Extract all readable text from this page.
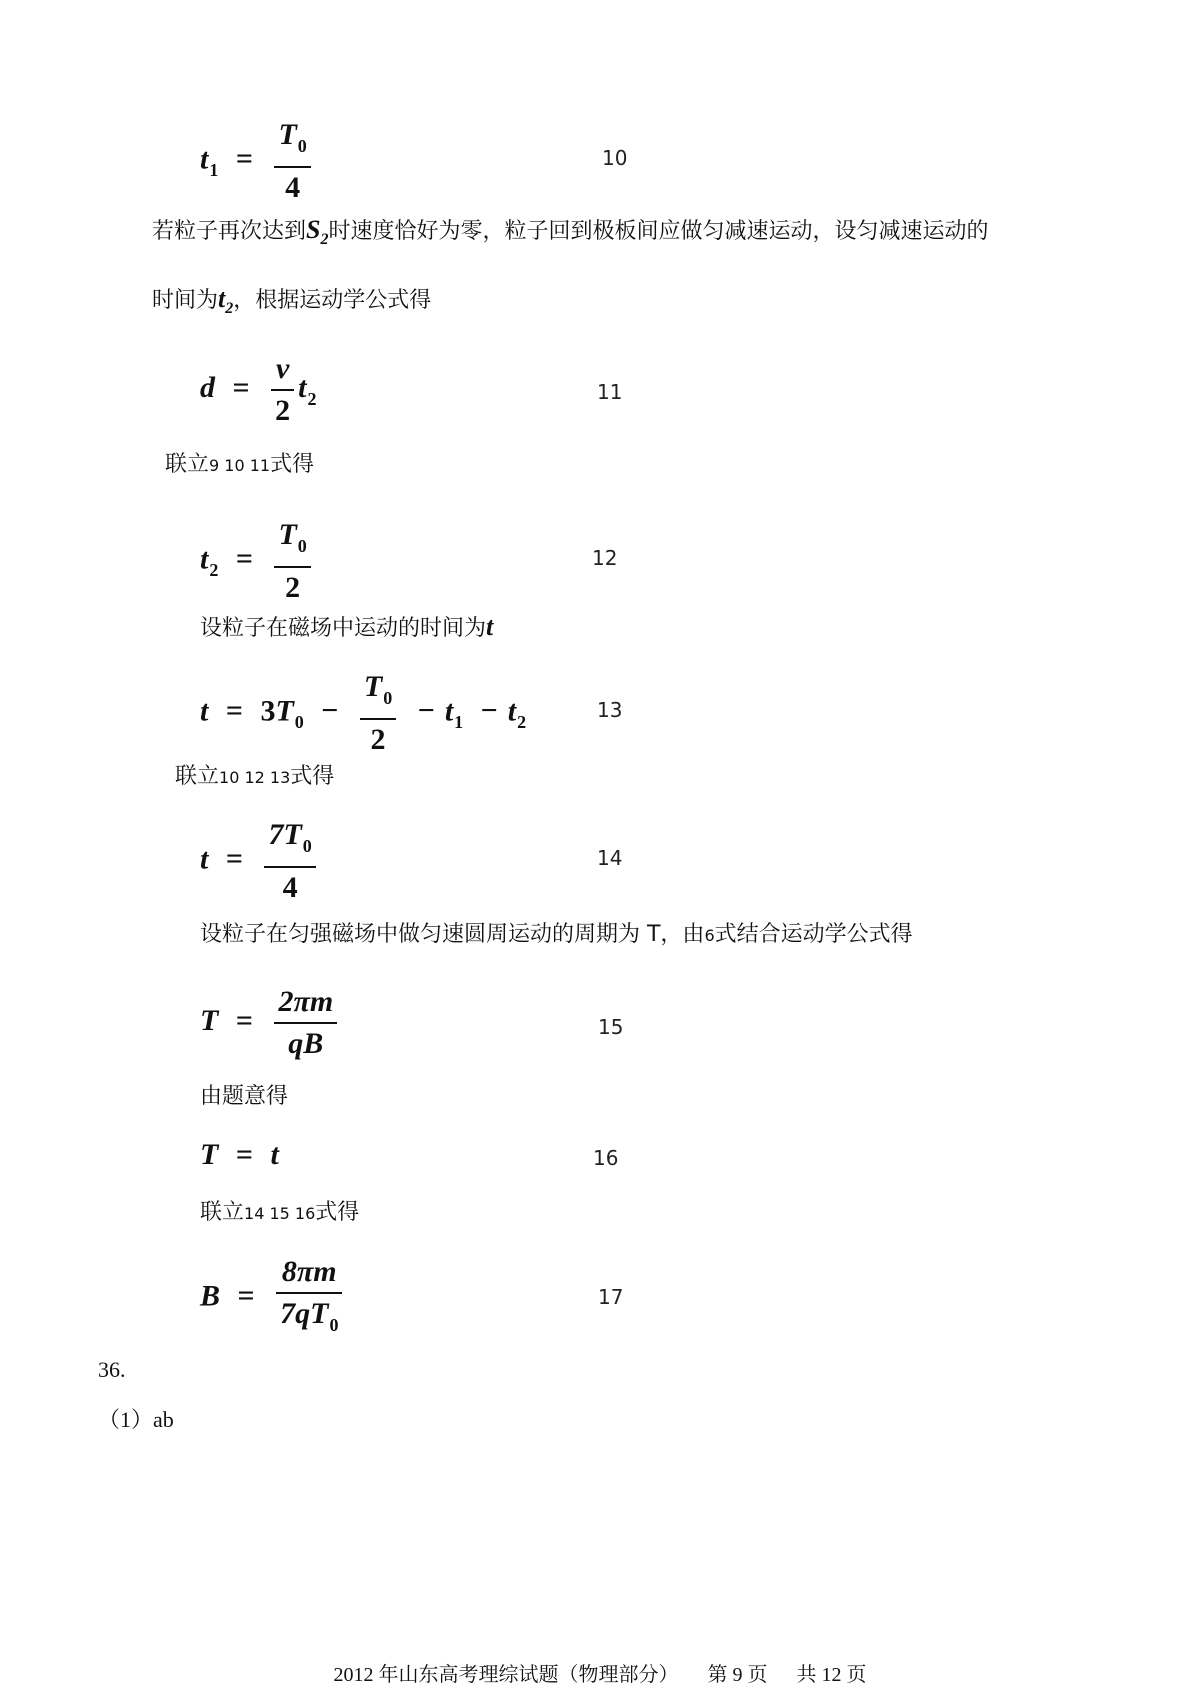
$t_1 = \frac{T_0}{4}$	10
若粒子再次达到$S_2$时速度恰好为零，粒子回到极板间应做匀减速运动，设匀减速运动的
时间为$t_2$，根据运动学公式得
$d = \frac{v}{2} t_2$	11
联立9 10 11式得
$t_2 = \frac{T_0}{2}$	12
设粒子在磁场中运动的时间为t
$t = 3T_0 - \frac{T_0}{2} - t_1 - t_2$
13
联立10 12 13式得
$t = \frac{7T_0}{4}$	14
设粒子在匀强磁场中做匀速圆周运动的周期为 T，由6式结合运动学公式得
$T = \frac{2\pi m}{qB}$	15
由题意得
T = t	16
联立14 15 16式得
$B = \frac{8\pi m}{7qT_0}$	17
36.
（1）ab
2012 年山东高考理综试题（物理部分） 第 9 页 共 12 页
